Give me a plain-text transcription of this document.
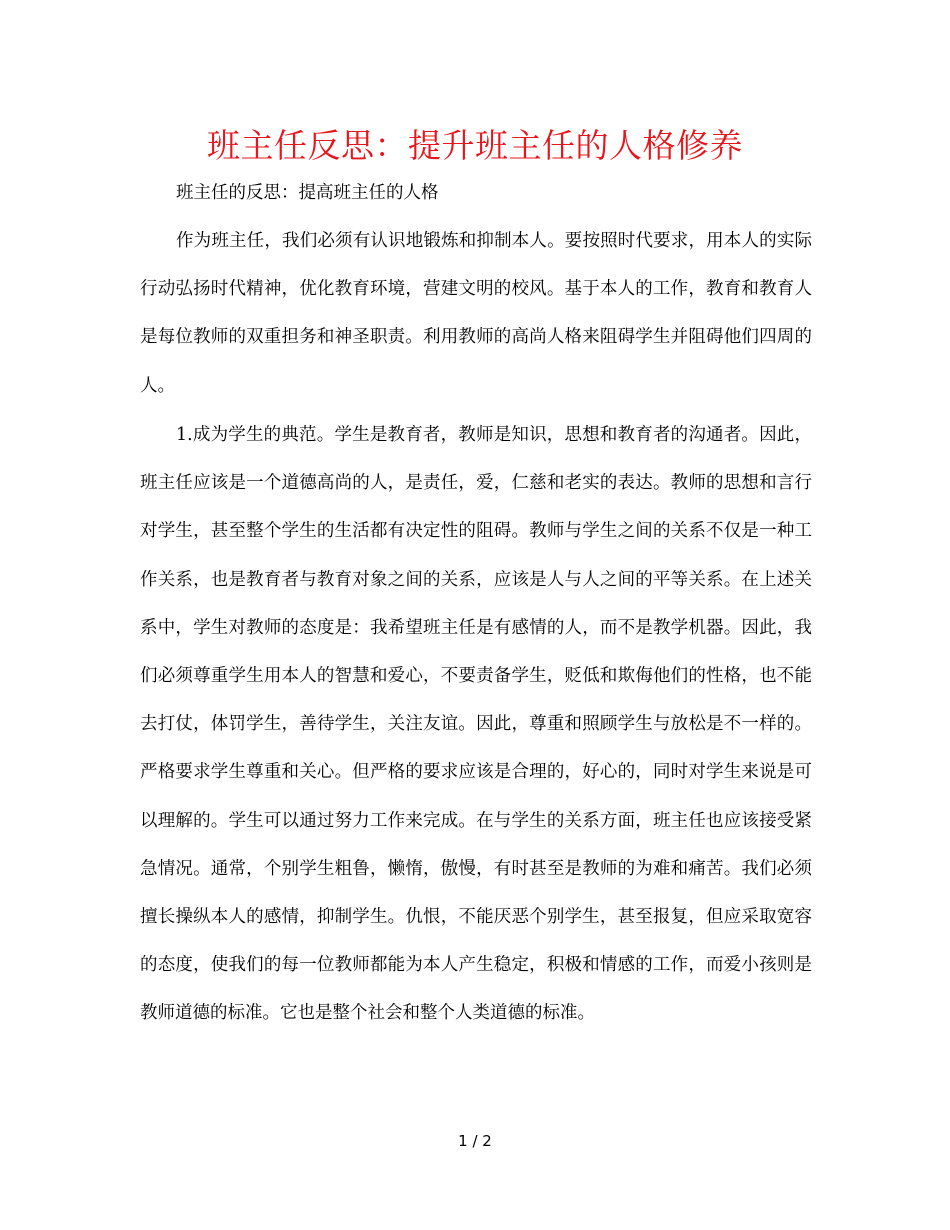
班主任反思：提升班主任的人格修养

班主任的反思：提高班主任的人格

作为班主任，我们必须有认识地锻炼和抑制本人。要按照时代要求，用本人的实际行动弘扬时代精神，优化教育环境，营建文明的校风。基于本人的工作，教育和教育人是每位教师的双重担务和神圣职责。利用教师的高尚人格来阻碍学生并阻碍他们四周的人。

1.成为学生的典范。学生是教育者，教师是知识，思想和教育者的沟通者。因此，班主任应该是一个道德高尚的人，是责任，爱，仁慈和老实的表达。教师的思想和言行对学生，甚至整个学生的生活都有决定性的阻碍。教师与学生之间的关系不仅是一种工作关系，也是教育者与教育对象之间的关系，应该是人与人之间的平等关系。在上述关系中，学生对教师的态度是：我希望班主任是有感情的人，而不是教学机器。因此，我们必须尊重学生用本人的智慧和爱心，不要责备学生，贬低和欺侮他们的性格，也不能去打仗，体罚学生，善待学生，关注友谊。因此，尊重和照顾学生与放松是不一样的。严格要求学生尊重和关心。但严格的要求应该是合理的，好心的，同时对学生来说是可以理解的。学生可以通过努力工作来完成。在与学生的关系方面，班主任也应该接受紧急情况。通常，个别学生粗鲁，懒惰，傲慢，有时甚至是教师的为难和痛苦。我们必须擅长操纵本人的感情，抑制学生。仇恨，不能厌恶个别学生，甚至报复，但应采取宽容的态度，使我们的每一位教师都能为本人产生稳定，积极和情感的工作，而爱小孩则是教师道德的标准。它也是整个社会和整个人类道德的标准。

1 / 2
